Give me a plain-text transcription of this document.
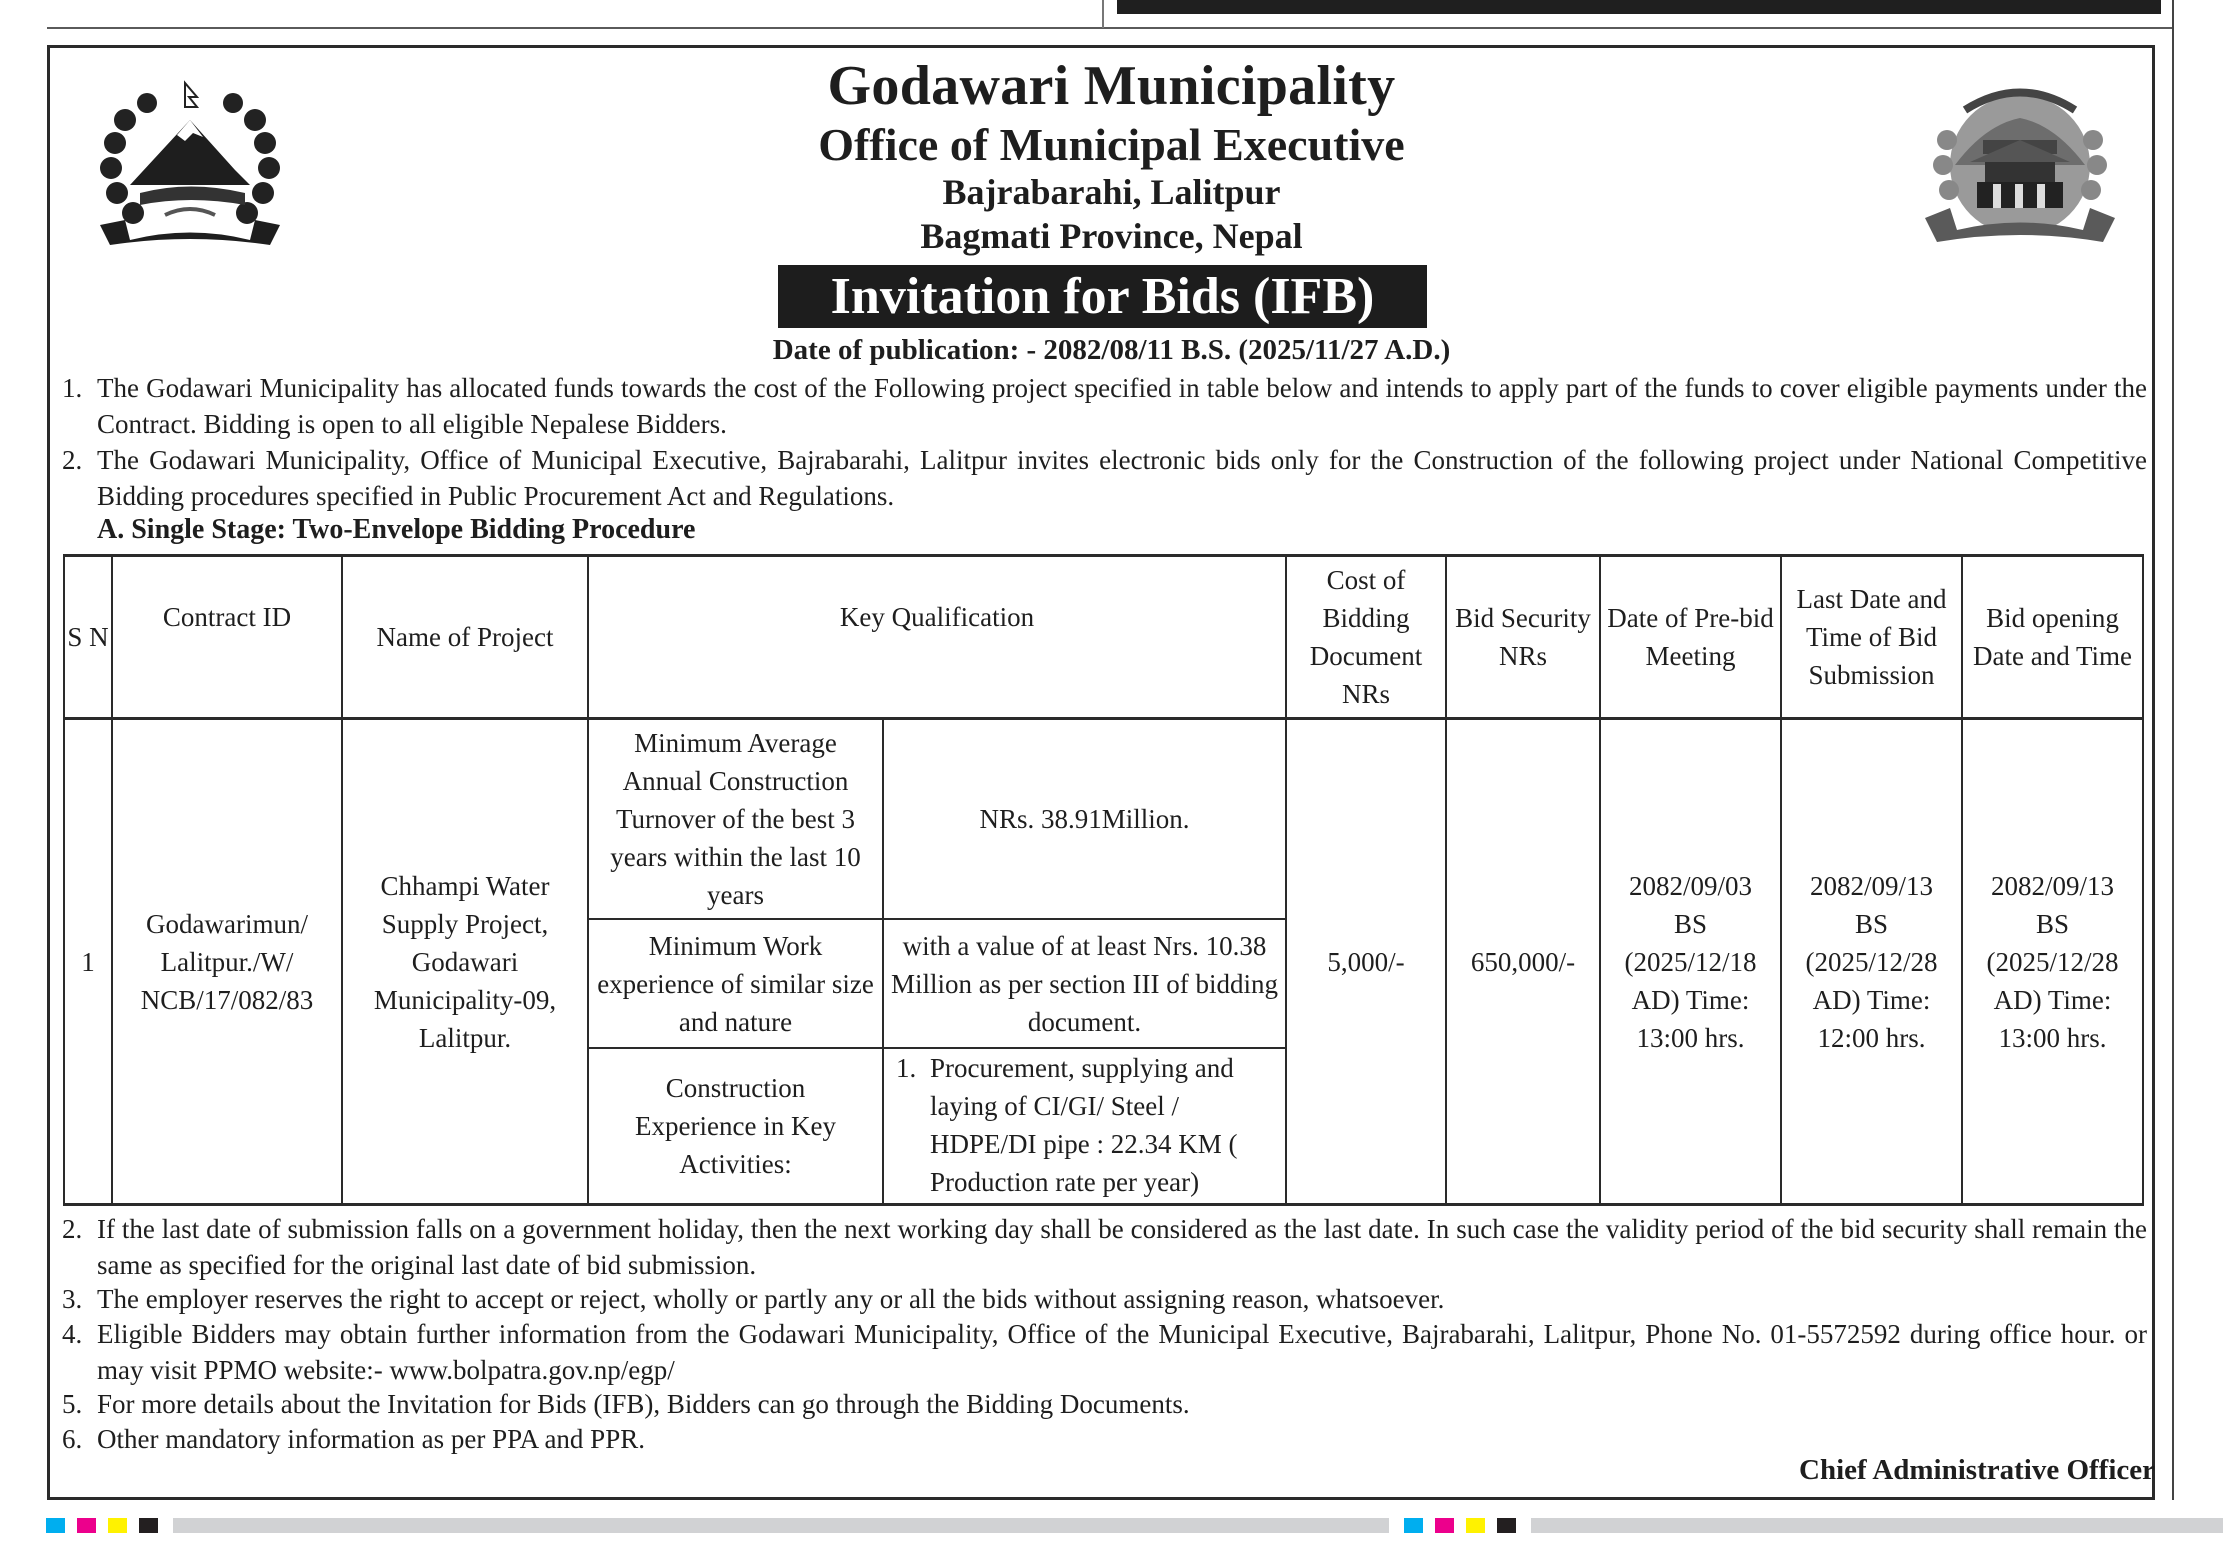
Godawari Municipality
Office of Municipal Executive
Bajrabarahi, Lalitpur
Bagmati Province, Nepal
Invitation for Bids (IFB)
Date of publication: - 2082/08/11 B.S. (2025/11/27 A.D.)
1. The Godawari Municipality has allocated funds towards the cost of the Following project specified in table below and intends to apply part of the funds to cover eligible payments under the Contract. Bidding is open to all eligible Nepalese Bidders.
2. The Godawari Municipality, Office of Municipal Executive, Bajrabarahi, Lalitpur invites electronic bids only for the Construction of the following project under National Competitive Bidding procedures specified in Public Procurement Act and Regulations.
A. Single Stage: Two-Envelope Bidding Procedure
S N
Contract ID
Name of Project
Key Qualification
Cost of Bidding Document NRs
Bid Security NRs
Date of Pre-bid Meeting
Last Date and Time of Bid Submission
Bid opening Date and Time
1
Godawarimun/ Lalitpur./W/ NCB/17/082/83
Chhampi Water Supply Project, Godawari Municipality-09, Lalitpur.
Minimum Average Annual Construction Turnover of the best 3 years within the last 10 years
NRs. 38.91Million.
Minimum Work experience of similar size and nature
with a value of at least Nrs. 10.38 Million as per section III of bidding document.
Construction Experience in Key Activities:
1. Procurement, supplying and laying of CI/GI/ Steel / HDPE/DI pipe : 22.34 KM ( Production rate per year)
5,000/-	650,000/-
2082/09/03 BS (2025/12/18 AD) Time: 13:00 hrs.
2082/09/13 BS (2025/12/28 AD) Time: 12:00 hrs.
2082/09/13 BS (2025/12/28 AD) Time: 13:00 hrs.
2. If the last date of submission falls on a government holiday, then the next working day shall be considered as the last date. In such case the validity period of the bid security shall remain the same as specified for the original last date of bid submission.
3. The employer reserves the right to accept or reject, wholly or partly any or all the bids without assigning reason, whatsoever.
4. Eligible Bidders may obtain further information from the Godawari Municipality, Office of the Municipal Executive, Bajrabarahi, Lalitpur, Phone No. 01-5572592 during office hour. or may visit PPMO website:- www.bolpatra.gov.np/egp/
5. For more details about the Invitation for Bids (IFB), Bidders can go through the Bidding Documents.
6. Other mandatory information as per PPA and PPR.
Chief Administrative Officer
